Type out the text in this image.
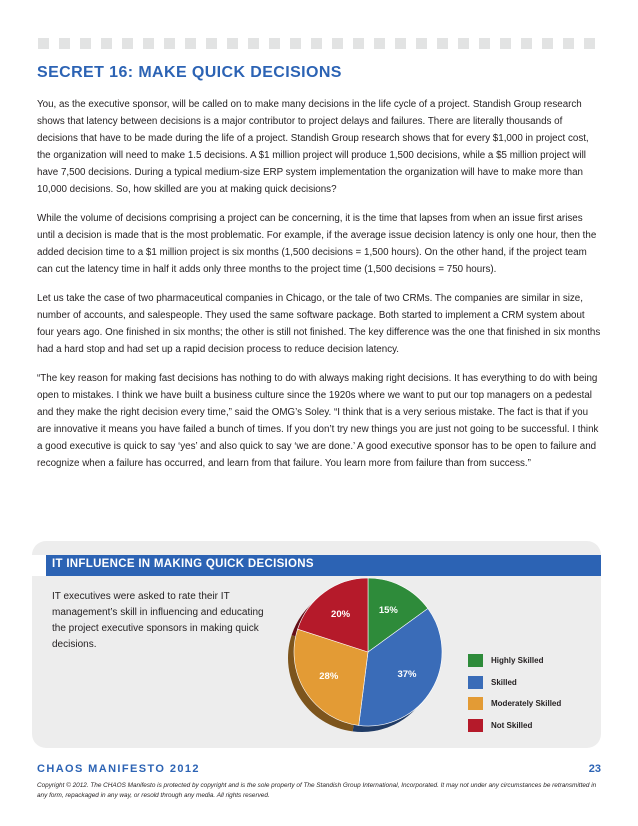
SECRET 16: MAKE QUICK DECISIONS

You, as the executive sponsor, will be called on to make many decisions in the life cycle of a project. Standish Group research shows that latency between decisions is a major contributor to project delays and failures. There are literally thousands of decisions that have to be made during the life of a project. Standish Group research shows that for every $1,000 in project cost, the organization will need to make 1.5 decisions. A $1 million project will produce 1,500 decisions, while a $5 million project will have 7,500 decisions. During a typical medium-size ERP system implementation the organization will have to make more than 10,000 decisions. So, how skilled are you at making quick decisions?

While the volume of decisions comprising a project can be concerning, it is the time that lapses from when an issue first arises until a decision is made that is the most problematic. For example, if the average issue decision latency is only one hour, then the added decision time to a $1 million project is six months (1,500 decisions = 1,500 hours). On the other hand, if the project team can cut the latency time in half it adds only three months to the project time (1,500 decisions = 750 hours).

Let us take the case of two pharmaceutical companies in Chicago, or the tale of two CRMs. The companies are similar in size, number of accounts, and salespeople. They used the same software package. Both started to implement a CRM system about four years ago. One finished in six months; the other is still not finished. The key difference was the one that finished in six months had a hard stop and had set up a rapid decision process to reduce decision latency.

“The key reason for making fast decisions has nothing to do with always making right decisions. It has everything to do with being open to mistakes. I think we have built a business culture since the 1920s where we want to put our top managers on a pedestal and they make the right decision every time,” said the OMG’s Soley. “I think that is a very serious mistake. The fact is that if you are innovative it means you have failed a bunch of times. If you don’t try new things you are just not going to be successful. I think a good executive is quick to say ‘yes’ and also quick to say ‘we are done.’ A good executive sponsor has to be open to failure and recognize when a failure has occurred, and learn from that failure. You learn more from failure than from success.”

IT INFLUENCE IN MAKING QUICK DECISIONS

IT executives were asked to rate their IT management’s skill in influencing and educating the project executive sponsors in making quick decisions.

15%
37%
28%
20%
Highly Skilled
Skilled
Moderately Skilled
Not Skilled
CHAOS MANIFESTO 2012	23

Copyright © 2012. The CHAOS Manifesto is protected by copyright and is the sole property of The Standish Group International, Incorporated. It may not under any circumstances be retransmitted in any form, repackaged in any way, or resold through any media. All rights reserved.
